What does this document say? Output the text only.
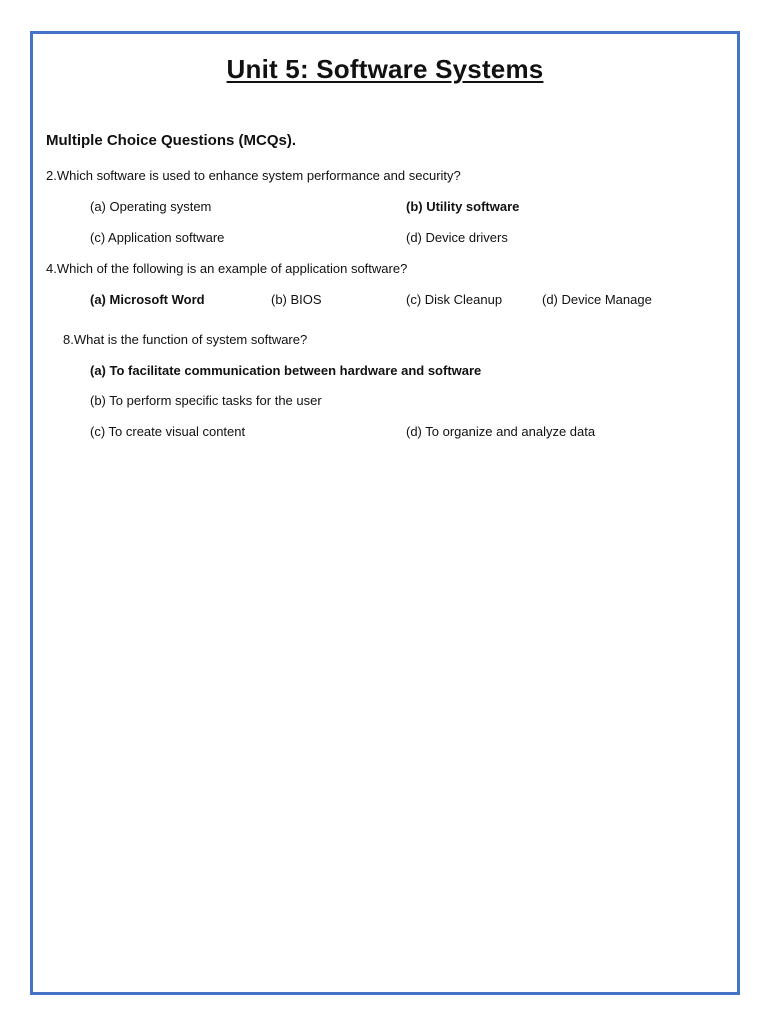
Unit 5: Software Systems
Multiple Choice Questions (MCQs).
2.Which software is used to enhance system performance and security?
(a) Operating system	(b) Utility software
(c) Application software	(d) Device drivers
4.Which of the following is an example of application software?
(a) Microsoft Word	(b) BIOS	(c) Disk Cleanup	(d) Device Manage
8.What is the function of system software?
(a) To facilitate communication between hardware and software
(b) To perform specific tasks for the user
(c) To create visual content	(d) To organize and analyze data
